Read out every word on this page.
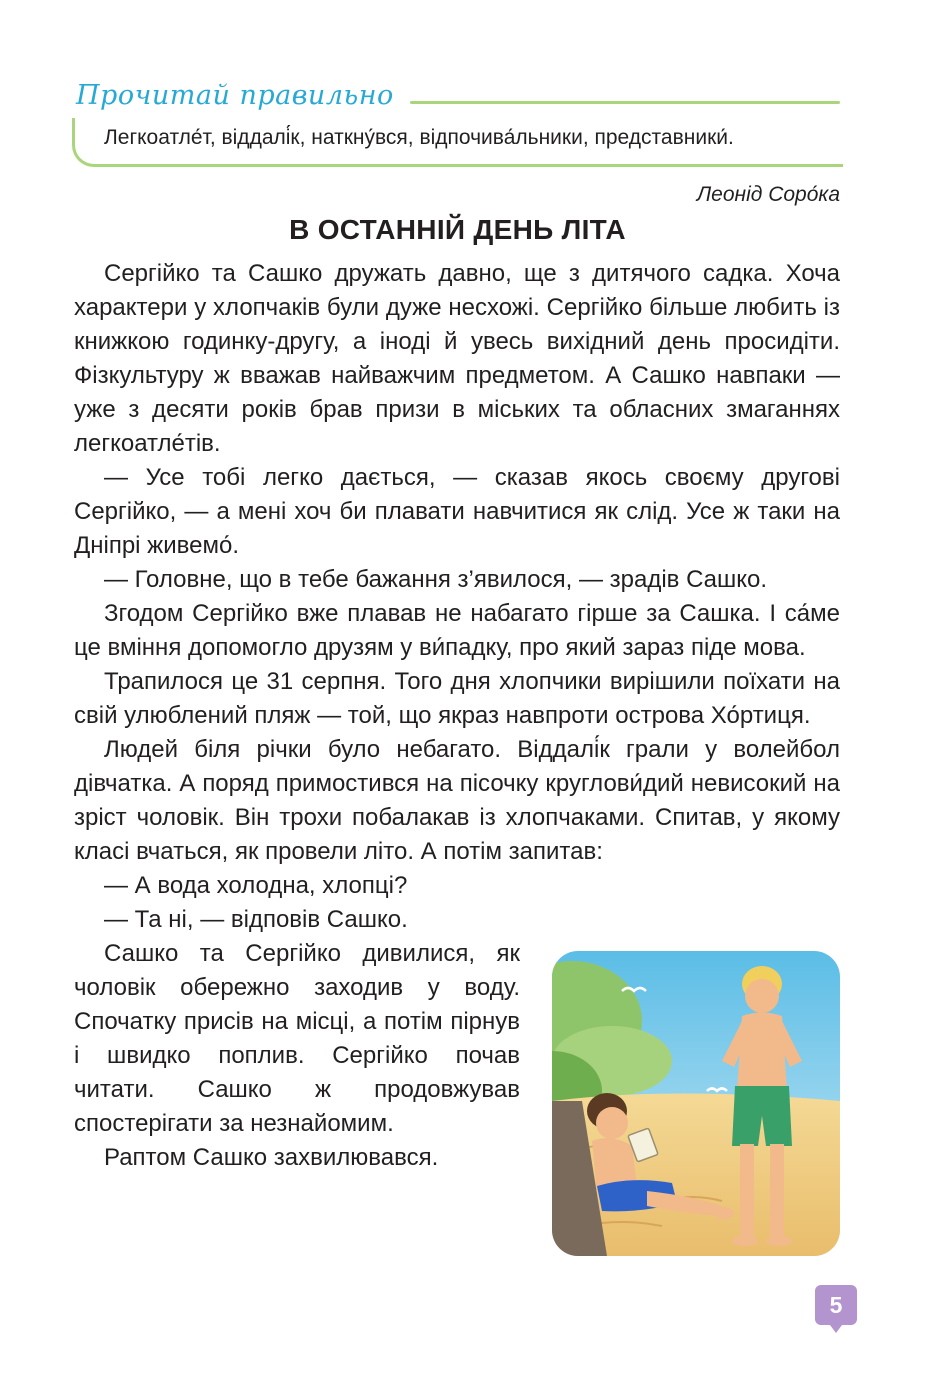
Прочитай правильно
Легкоатле́т, віддалі́к, наткну́вся, відпочива́льники, представники́.
Леонід Соро́ка
В ОСТАННІЙ ДЕНЬ ЛІТА

Сергійко та Сашко дружать давно, ще з дитячого садка. Хоча характери у хлопчаків були дуже несхожі. Сергійко більше любить із книжкою годинку-другу, а іноді й увесь вихідний день просидіти. Фізкультуру ж вважав найважчим предметом. А Сашко навпаки — уже з десяти років брав призи в міських та обласних змаганнях легкоатле́тів.

— Усе тобі легко дається, — сказав якось своєму другові Сергійко, — а мені хоч би плавати навчитися як слід. Усе ж таки на Дніпрі живемо́.

— Головне, що в тебе бажання з’явилося, — зрадів Сашко.

Згодом Сергійко вже плавав не набагато гірше за Сашка. І са́ме це вміння допомогло друзям у ви́падку, про який зараз піде мова.

Трапилося це 31 серпня. Того дня хлопчики вирішили поїхати на свій улюблений пляж — той, що якраз навпроти острова Хо́ртиця.

Людей біля річки було небагато. Віддалі́к грали у волейбол дівчатка. А поряд примостився на пісочку круглови́дий невисокий на зріст чоловік. Він трохи побалакав із хлопчаками. Спитав, у якому класі вчаться, як провели літо. А потім запитав:

— А вода холодна, хлопці?

— Та ні, — відповів Сашко.

Сашко та Сергійко дивилися, як чоловік обережно заходив у воду. Спочатку присів на місці, а потім пірнув і швидко поплив. Сергійко почав читати. Сашко ж продовжував спостерігати за незнайомим.

Раптом Сашко захвилювався.

5
